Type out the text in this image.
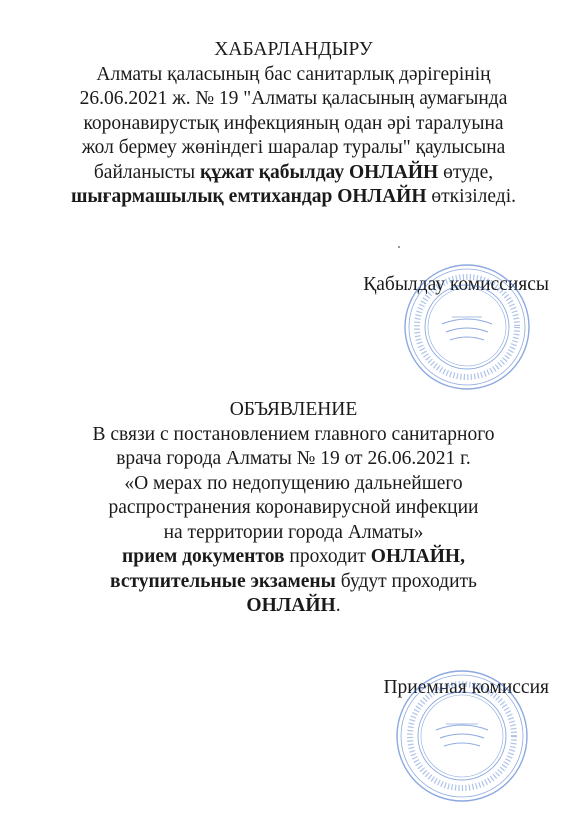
ХАБАРЛАНДЫРУ

Алматы қаласының бас санитарлық дәрігерінің

26.06.2021 ж. № 19 "Алматы қаласының аумағында

коронавирустық инфекцияның одан әрі таралуына

жол бермеу жөніндегі шаралар туралы" қаулысына

байланысты құжат қабылдау ОНЛАЙН өтуде,

шығармашылық емтихандар ОНЛАЙН өткізіледі.

Қабылдау комиссиясы

ОБЪЯВЛЕНИЕ

В связи с постановлением главного санитарного

врача города Алматы № 19 от 26.06.2021 г.

«О мерах по недопущению дальнейшего

распространения коронавирусной инфекции

на территории города Алматы»

прием документов проходит ОНЛАЙН,

вступительные экзамены будут проходить

ОНЛАЙН.

Приемная комиссия
